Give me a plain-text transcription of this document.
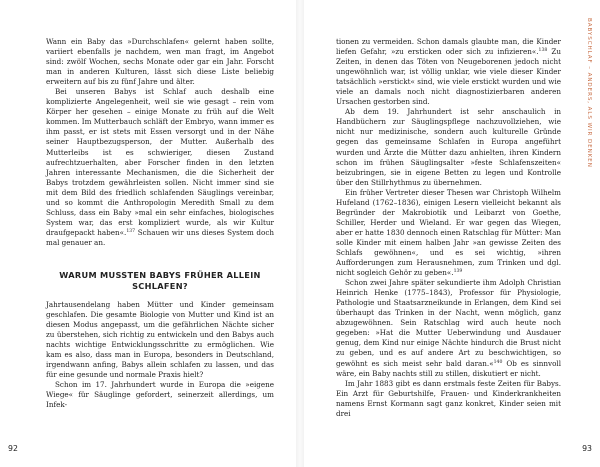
Wann ein Baby das »Durchschlafen« gelernt haben sollte, variiert ebenfalls je nachdem, wen man fragt, im Angebot sind: zwölf Wochen, sechs Monate oder gar ein Jahr. Forscht man in anderen Kulturen, lässt sich diese Liste beliebig erweitern auf bis zu fünf Jahre und älter.

Bei unseren Babys ist Schlaf auch deshalb eine komplizierte Angelegenheit, weil sie wie gesagt – rein vom Körper her gesehen – einige Monate zu früh auf die Welt kommen. Im Mutterbauch schläft der Embryo, wann immer es ihm passt, er ist stets mit Essen versorgt und in der Nähe seiner Hauptbezugsperson, der Mutter. Außerhalb des Mutterleibs ist es schwieriger, diesen Zustand aufrechtzuerhalten, aber Forscher finden in den letzten Jahren interessante Mechanismen, die die Sicherheit der Babys trotzdem gewährleisten sollen. Nicht immer sind sie mit dem Bild des friedlich schlafenden Säuglings vereinbar, und so kommt die Anthropologin Meredith Small zu dem Schluss, dass ein Baby »mal ein sehr einfaches, biologisches System war, das erst kompliziert wurde, als wir Kultur draufgepackt haben«.$^{137}$ Schauen wir uns dieses System doch mal genauer an.

WARUM MUSSTEN BABYS FRÜHER ALLEIN SCHLAFEN?

Jahrtausendelang haben Mütter und Kinder gemeinsam geschlafen. Die gesamte Biologie von Mutter und Kind ist an diesen Modus angepasst, um die gefährlichen Nächte sicher zu überstehen, sich richtig zu entwickeln und den Babys auch nachts wichtige Entwicklungsschritte zu ermöglichen. Wie kam es also, dass man in Europa, besonders in Deutschland, irgendwann anfing, Babys allein schlafen zu lassen, und das für eine gesunde und normale Praxis hielt?

Schon im 17. Jahrhundert wurde in Europa die »eigene Wiege« für Säuglinge gefordert, seinerzeit allerdings, um Infek-

92
BABYSCHLAF – ANDERS, ALS WIR DENKEN

tionen zu vermeiden. Schon damals glaubte man, die Kinder liefen Gefahr, »zu ersticken oder sich zu infizieren«.$^{138}$ Zu Zeiten, in denen das Töten von Neugeborenen jedoch nicht ungewöhnlich war, ist völlig unklar, wie viele dieser Kinder tatsächlich »erstickt« sind, wie viele erstickt wurden und wie viele an damals noch nicht diagnostizierbaren anderen Ursachen gestorben sind.

Ab dem 19. Jahrhundert ist sehr anschaulich in Handbüchern zur Säuglingspflege nachzuvollziehen, wie nicht nur medizinische, sondern auch kulturelle Gründe gegen das gemeinsame Schlafen in Europa angeführt wurden und Ärzte die Mütter dazu anhielten, ihren Kindern schon im frühen Säuglingsalter »feste Schlafenszeiten« beizubringen, sie in eigene Betten zu legen und Kontrolle über den Stillrhythmus zu übernehmen.

Ein früher Vertreter dieser Thesen war Christoph Wilhelm Hufeland (1762–1836), einigen Lesern vielleicht bekannt als Begründer der Makrobiotik und Leibarzt von Goethe, Schiller, Herder und Wieland. Er war gegen das Wiegen, aber er hatte 1830 dennoch einen Ratschlag für Mütter: Man solle Kinder mit einem halben Jahr »an gewisse Zeiten des Schlafs gewöhnen«, und es sei wichtig, »ihren Aufforderungen zum Herausnehmen, zum Trinken und dgl. nicht sogleich Gehör zu geben«.$^{139}$

Schon zwei Jahre später sekundierte ihm Adolph Christian Heinrich Henke (1775–1843), Professor für Physiologie, Pathologie und Staatsarzneikunde in Erlangen, dem Kind sei überhaupt das Trinken in der Nacht, wenn möglich, ganz abzugewöhnen. Sein Ratschlag wird auch heute noch gegeben: »Hat die Mutter Ueberwindung und Ausdauer genug, dem Kind nur einige Nächte hindurch die Brust nicht zu geben, und es auf andere Art zu beschwichtigen, so gewöhnt es sich meist sehr bald daran.«$^{140}$ Ob es sinnvoll wäre, ein Baby nachts still zu stillen, diskutiert er nicht.

Im Jahr 1883 gibt es dann erstmals feste Zeiten für Babys. Ein Arzt für Geburtshilfe, Frauen- und Kinderkrankheiten namens Ernst Kormann sagt ganz konkret, Kinder seien mit drei

93
